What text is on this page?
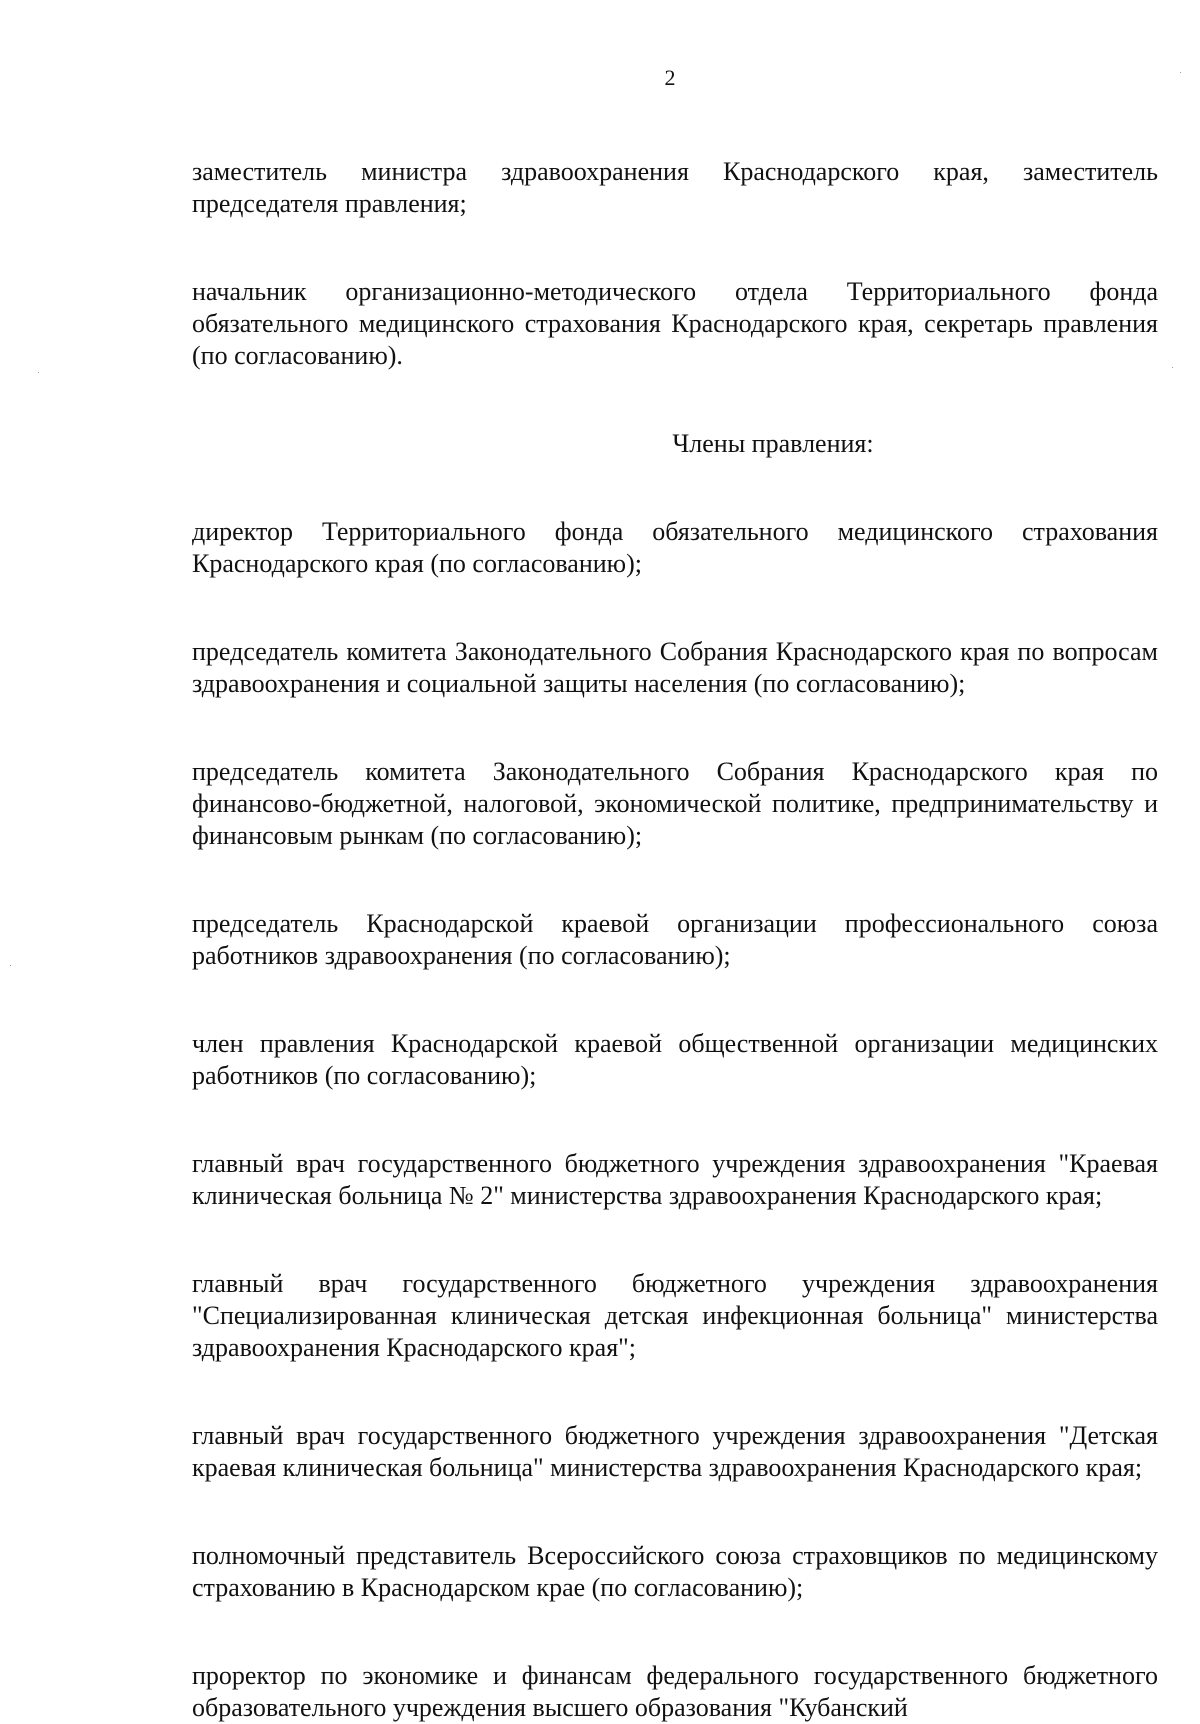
2

заместитель министра здравоохранения Краснодарского края, заместитель председателя правления;

начальник организационно-методического отдела Территориального фонда обязательного медицинского страхования Краснодарского края, секретарь правления (по согласованию).

Члены правления:

директор Территориального фонда обязательного медицинского страхования Краснодарского края (по согласованию);

председатель комитета Законодательного Собрания Краснодарского края по вопросам здравоохранения и социальной защиты населения (по согласованию);

председатель комитета Законодательного Собрания Краснодарского края по финансово-бюджетной, налоговой, экономической политике, предпринимательству и финансовым рынкам (по согласованию);

председатель Краснодарской краевой организации профессионального союза работников здравоохранения (по согласованию);

член правления Краснодарской краевой общественной организации медицинских работников (по согласованию);

главный врач государственного бюджетного учреждения здравоохранения "Краевая клиническая больница № 2" министерства здравоохранения Краснодарского края;

главный врач государственного бюджетного учреждения здравоохранения "Специализированная клиническая детская инфекционная больница" министерства здравоохранения Краснодарского края";

главный врач государственного бюджетного учреждения здравоохранения "Детская краевая клиническая больница" министерства здравоохранения Краснодарского края;

полномочный представитель Всероссийского союза страховщиков по медицинскому страхованию в Краснодарском крае (по согласованию);

проректор по экономике и финансам федерального государственного бюджетного образовательного учреждения высшего образования "Кубанский
